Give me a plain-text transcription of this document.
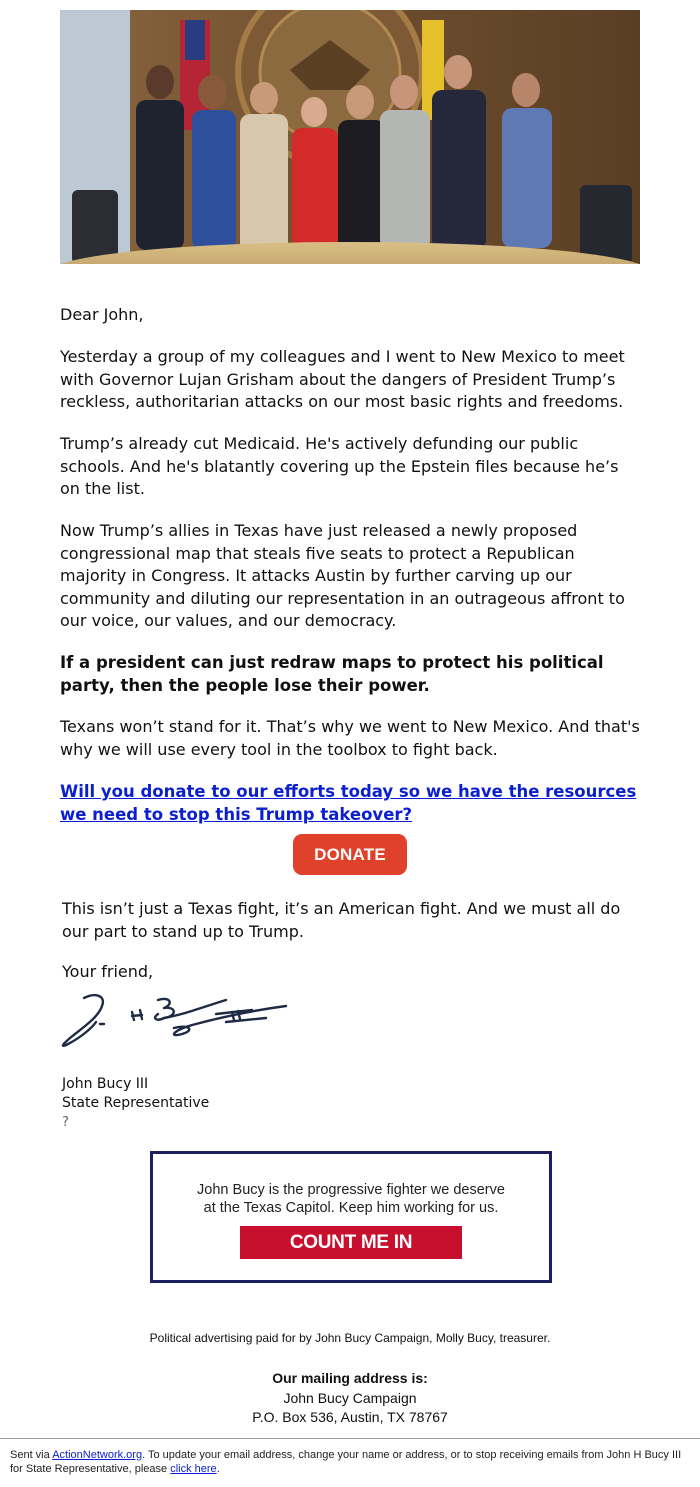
Dear John,

Yesterday a group of my colleagues and I went to New Mexico to meet with Governor Lujan Grisham about the dangers of President Trump’s reckless, authoritarian attacks on our most basic rights and freedoms.

Trump’s already cut Medicaid. He's actively defunding our public schools. And he's blatantly covering up the Epstein files because he’s on the list.

Now Trump’s allies in Texas have just released a newly proposed congressional map that steals five seats to protect a Republican majority in Congress. It attacks Austin by further carving up our community and diluting our representation in an outrageous affront to our voice, our values, and our democracy.

If a president can just redraw maps to protect his political party, then the people lose their power.

Texans won’t stand for it. That’s why we went to New Mexico. And that's why we will use every tool in the toolbox to fight back.

Will you donate to our efforts today so we have the resources we need to stop this Trump takeover?
DONATE

This isn’t just a Texas fight, it’s an American fight. And we must all do our part to stand up to Trump.

Your friend,
John Bucy III
State Representative
?
John Bucy is the progressive fighter we deserve
at the Texas Capitol. Keep him working for us.
COUNT ME IN
Political advertising paid for by John Bucy Campaign, Molly Bucy, treasurer.
Our mailing address is:
John Bucy Campaign
P.O. Box 536, Austin, TX 78767
Sent via ActionNetwork.org. To update your email address, change your name or address, or to stop receiving emails from John H Bucy III for State Representative, please click here.
